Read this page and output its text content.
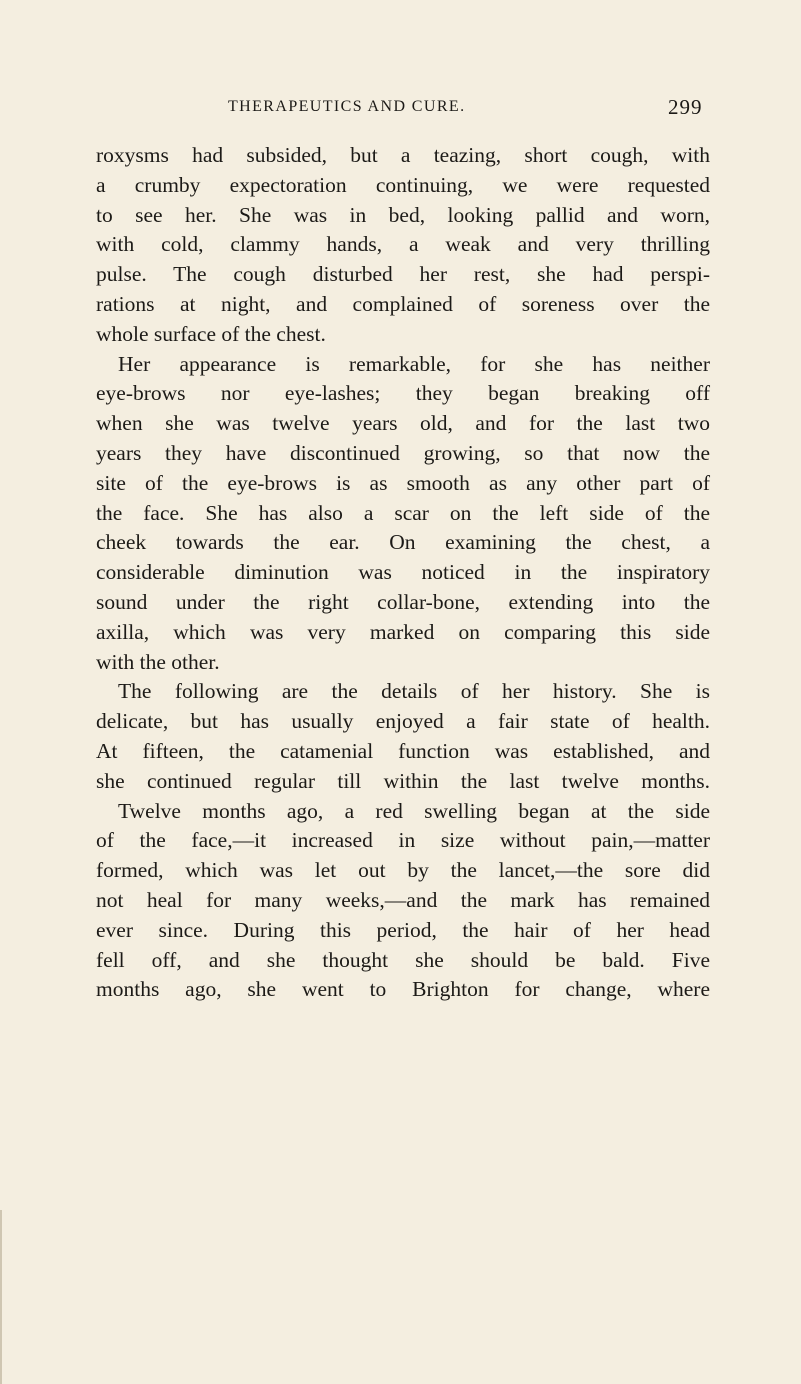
THERAPEUTICS AND CURE.	299
roxysms had subsided, but a teazing, short cough, with
a crumby expectoration continuing, we were requested
to see her. She was in bed, looking pallid and worn,
with cold, clammy hands, a weak and very thrilling
pulse. The cough disturbed her rest, she had perspi-
rations at night, and complained of soreness over the
whole surface of the chest.
Her appearance is remarkable, for she has neither
eye-brows nor eye-lashes; they began breaking off
when she was twelve years old, and for the last two
years they have discontinued growing, so that now the
site of the eye-brows is as smooth as any other part of
the face. She has also a scar on the left side of the
cheek towards the ear. On examining the chest, a
considerable diminution was noticed in the inspiratory
sound under the right collar-bone, extending into the
axilla, which was very marked on comparing this side
with the other.
The following are the details of her history. She is
delicate, but has usually enjoyed a fair state of health.
At fifteen, the catamenial function was established, and
she continued regular till within the last twelve months.
Twelve months ago, a red swelling began at the side
of the face,—it increased in size without pain,—matter
formed, which was let out by the lancet,—the sore did
not heal for many weeks,—and the mark has remained
ever since. During this period, the hair of her head
fell off, and she thought she should be bald. Five
months ago, she went to Brighton for change, where
